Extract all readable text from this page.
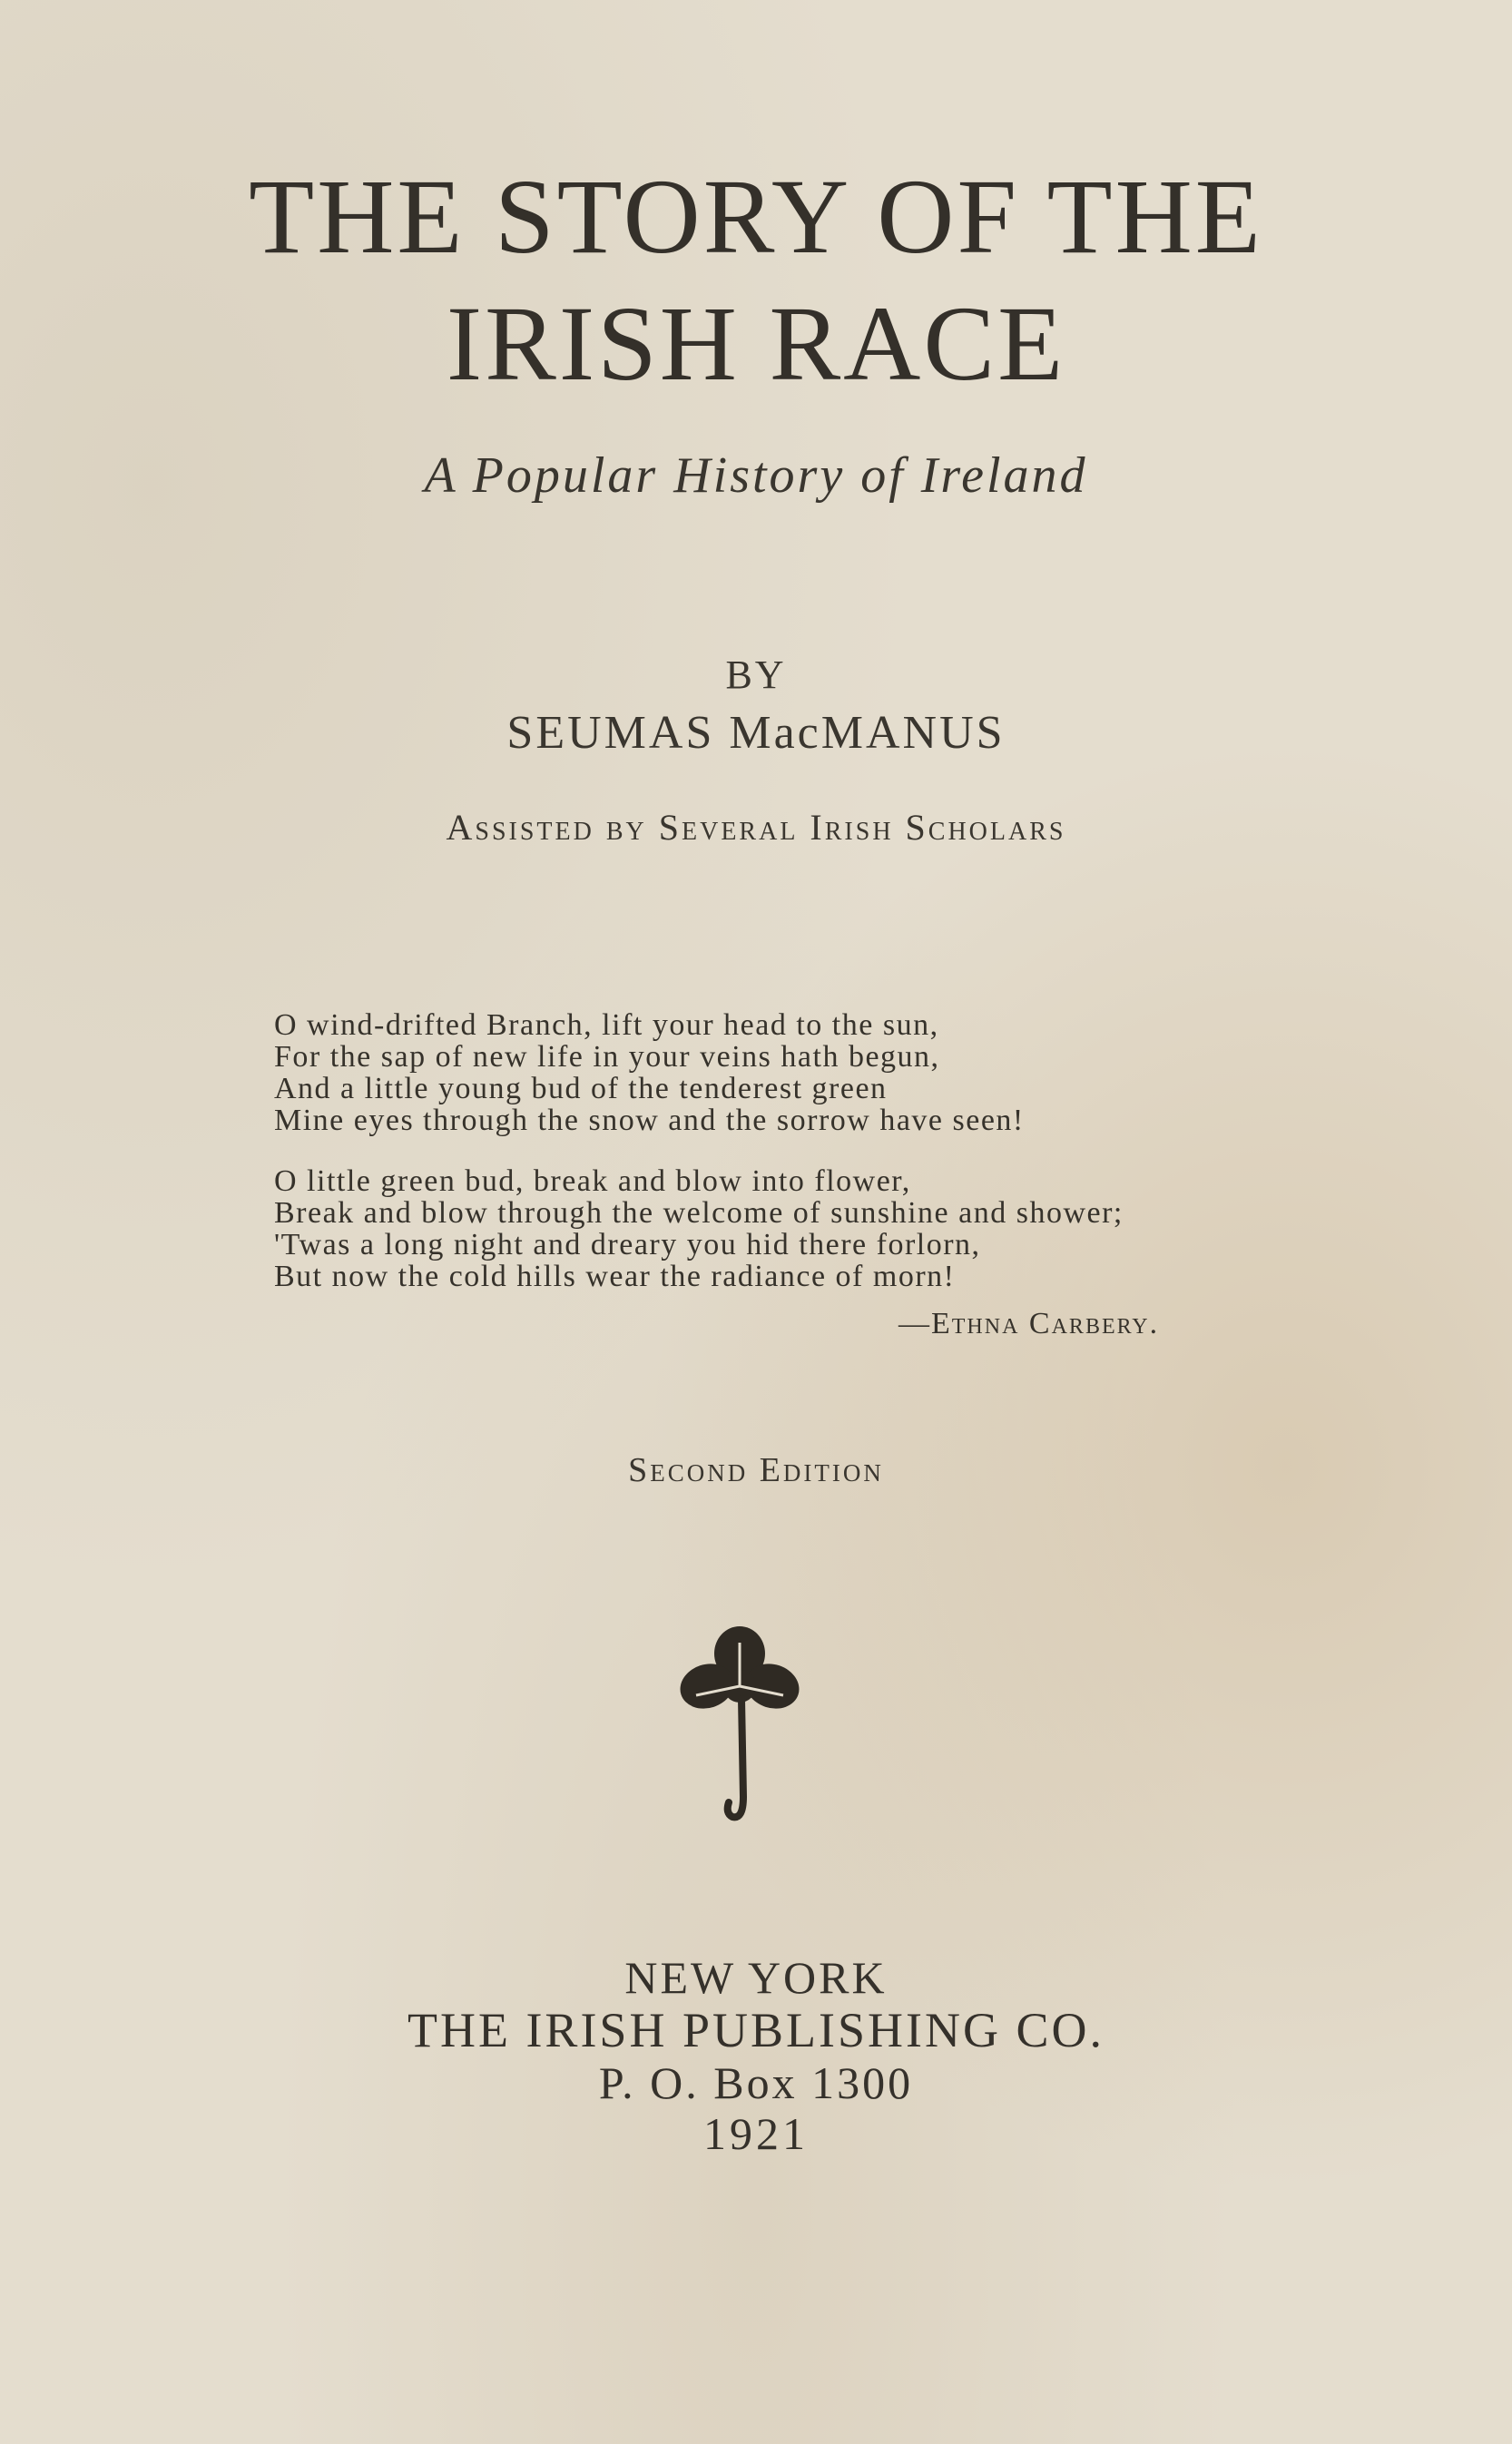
THE STORY OF THE
IRISH RACE
A Popular History of Ireland
BY
SEUMAS MacMANUS
Assisted by Several Irish Scholars
O wind-drifted Branch, lift your head to the sun,
For the sap of new life in your veins hath begun,
And a little young bud of the tenderest green
Mine eyes through the snow and the sorrow have seen!
O little green bud, break and blow into flower,
Break and blow through the welcome of sunshine and shower;
'Twas a long night and dreary you hid there forlorn,
But now the cold hills wear the radiance of morn!
—Ethna Carbery.
Second Edition
NEW YORK
THE IRISH PUBLISHING CO.
P. O. Box 1300
1921
